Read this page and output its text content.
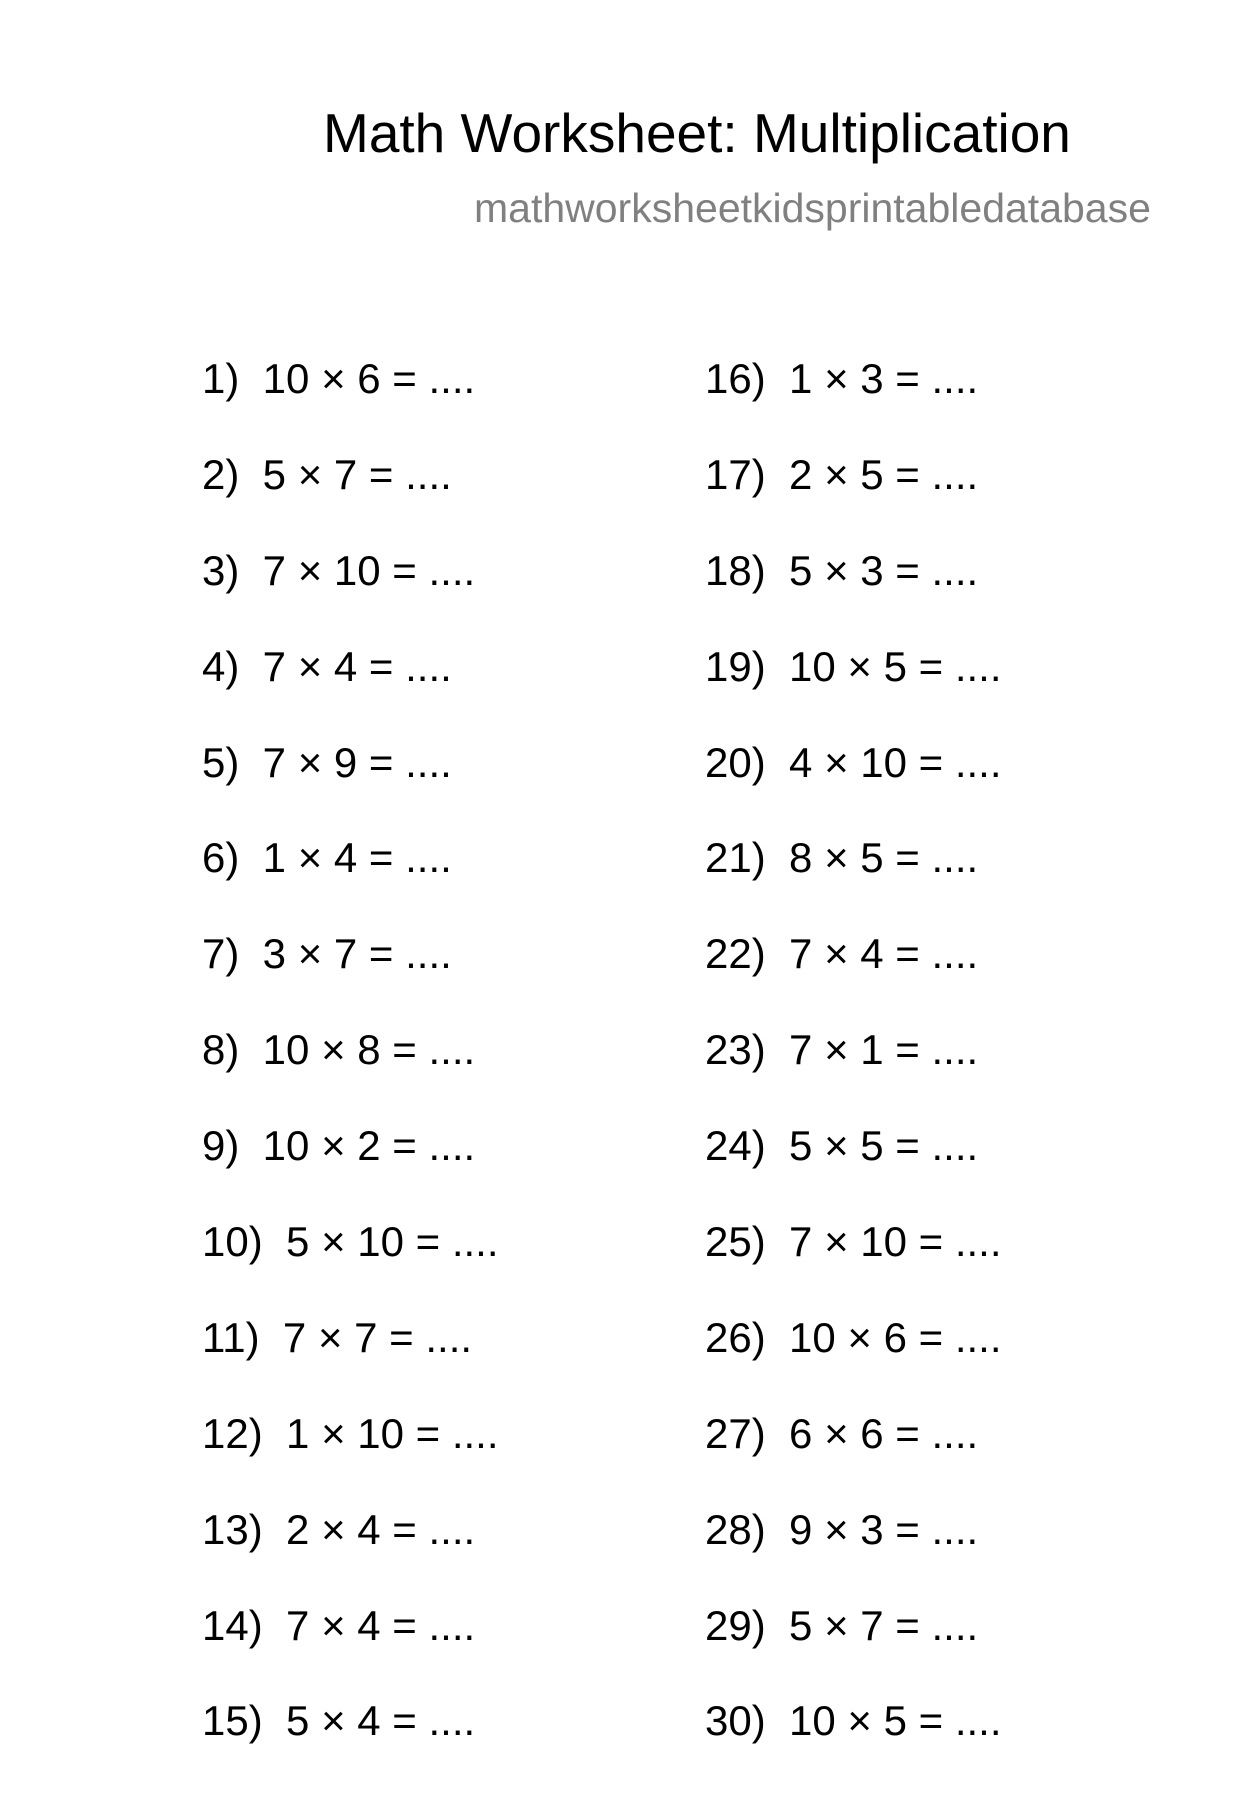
Math Worksheet: Multiplication
mathworksheetkidsprintabledatabase
1)  10 × 6 = ....
2)  5 × 7 = ....
3)  7 × 10 = ....
4)  7 × 4 = ....
5)  7 × 9 = ....
6)  1 × 4 = ....
7)  3 × 7 = ....
8)  10 × 8 = ....
9)  10 × 2 = ....
10)  5 × 10 = ....
11)  7 × 7 = ....
12)  1 × 10 = ....
13)  2 × 4 = ....
14)  7 × 4 = ....
15)  5 × 4 = ....
16)  1 × 3 = ....
17)  2 × 5 = ....
18)  5 × 3 = ....
19)  10 × 5 = ....
20)  4 × 10 = ....
21)  8 × 5 = ....
22)  7 × 4 = ....
23)  7 × 1 = ....
24)  5 × 5 = ....
25)  7 × 10 = ....
26)  10 × 6 = ....
27)  6 × 6 = ....
28)  9 × 3 = ....
29)  5 × 7 = ....
30)  10 × 5 = ....
